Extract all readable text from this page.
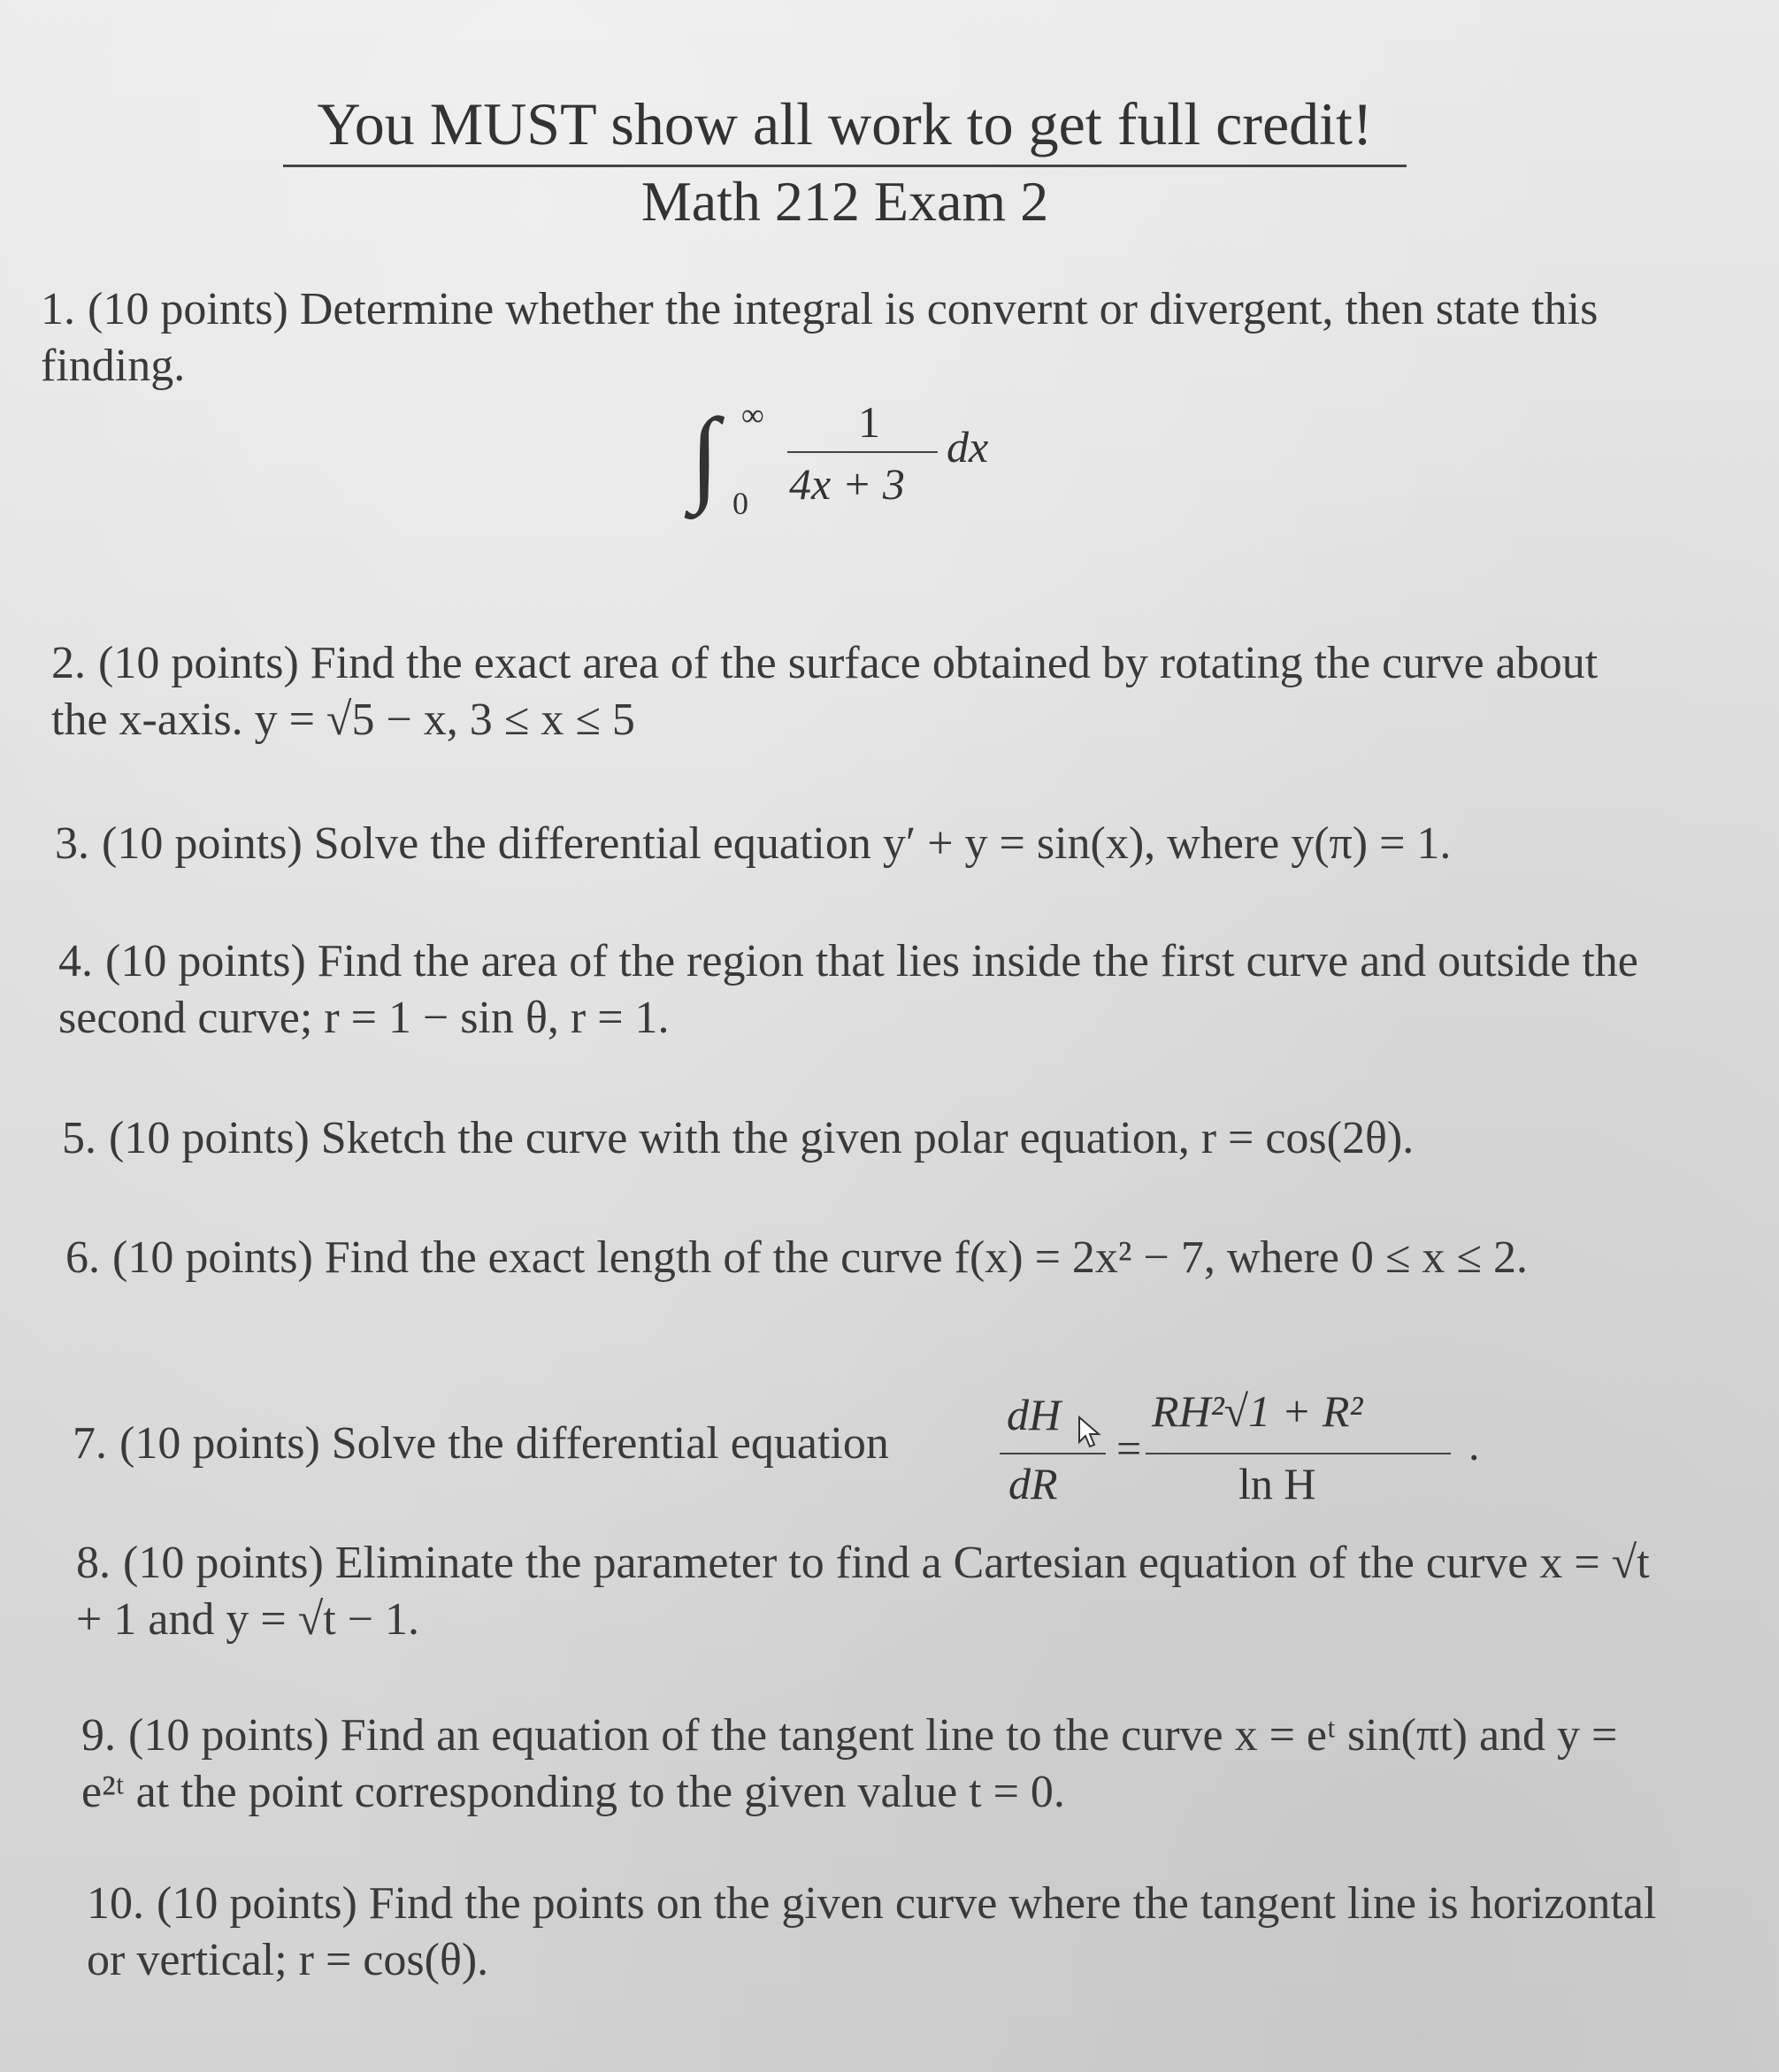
You MUST show all work to get full credit!
Math 212 Exam 2
1. (10 points) Determine whether the integral is convernt or divergent, then state this finding.
∫ ∞
0
1
4x + 3
dx
2. (10 points) Find the exact area of the surface obtained by rotating the curve about the x-axis. y = √5 − x, 3 ≤ x ≤ 5
3. (10 points) Solve the differential equation y′ + y = sin(x), where y(π) = 1.
4. (10 points) Find the area of the region that lies inside the first curve and outside the second curve; r = 1 − sin θ, r = 1.
5. (10 points) Sketch the curve with the given polar equation, r = cos(2θ).
6. (10 points) Find the exact length of the curve f(x) = 2x² − 7, where 0 ≤ x ≤ 2.
7. (10 points) Solve the differential equation
dH
dR
=
RH²√1 + R²
ln H
.
8. (10 points) Eliminate the parameter to find a Cartesian equation of the curve x = √t + 1 and y = √t − 1.
9. (10 points) Find an equation of the tangent line to the curve x = eᵗ sin(πt) and y = e²ᵗ at the point corresponding to the given value t = 0.
10. (10 points) Find the points on the given curve where the tangent line is horizontal or vertical; r = cos(θ).
